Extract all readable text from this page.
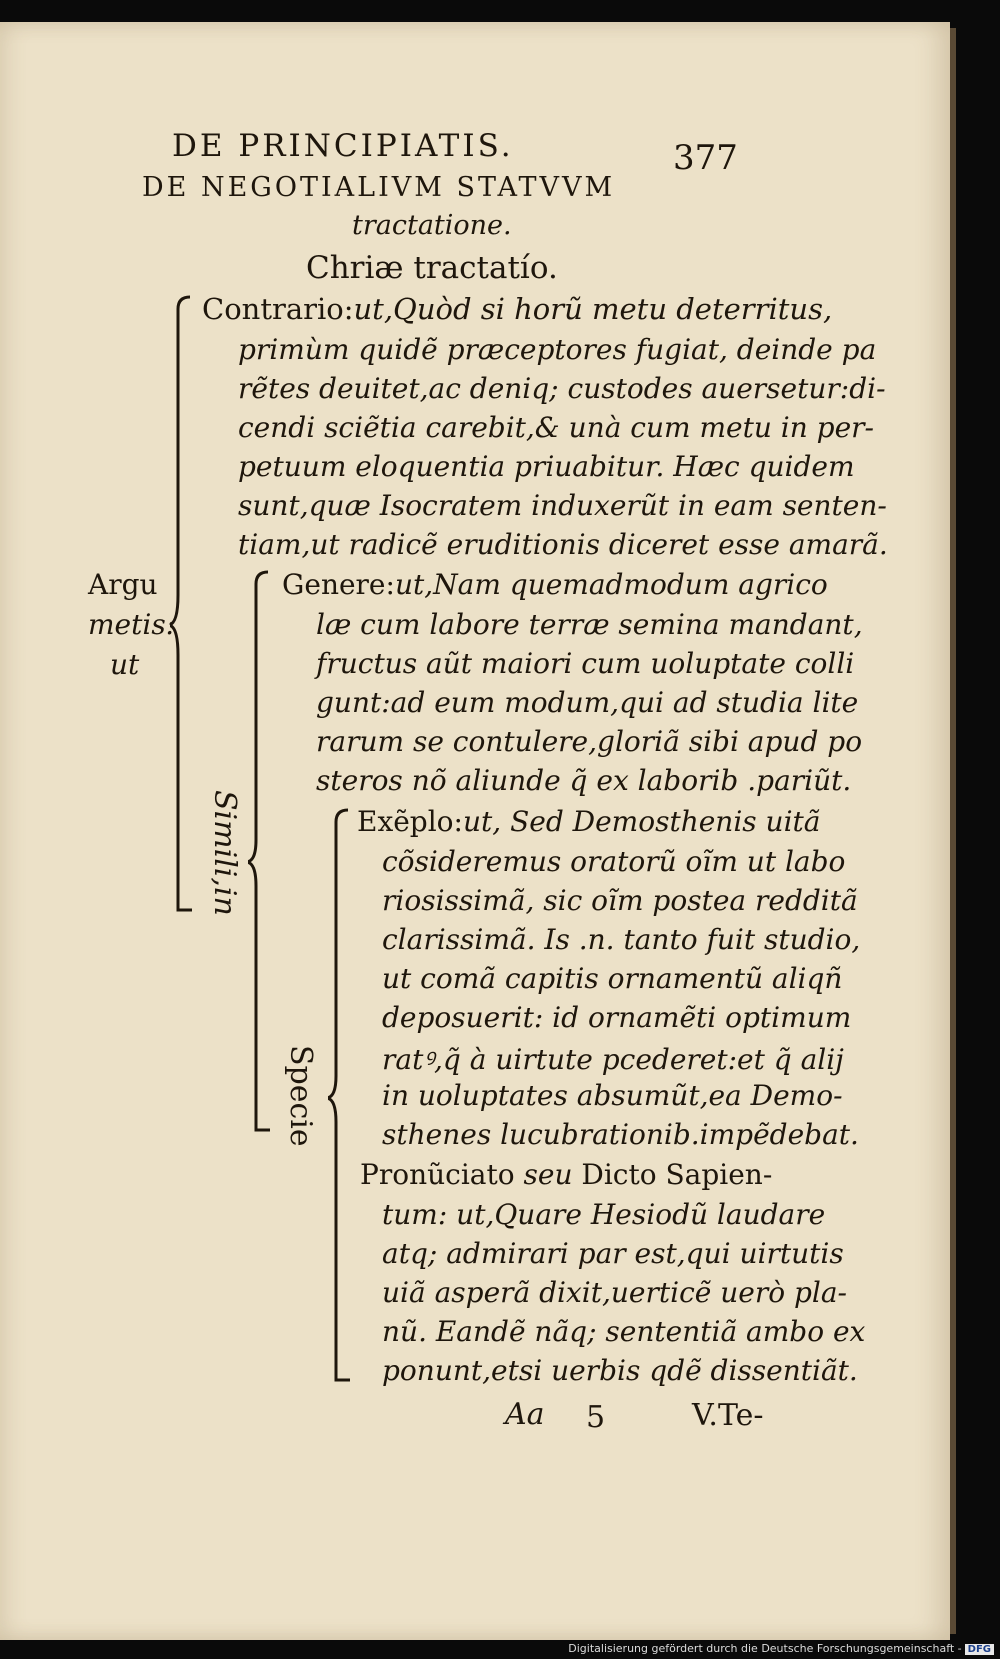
DE PRINCIPIATIS.	377
DE NEGOTIALIVM STATVVM
tractatione.
Chriæ tractatío.
Contrario:ut,Quòd si horũ metu deterritus,
primùm quidẽ præceptores fugiat, deinde pa
rẽtes deuitet,ac deniq; custodes auersetur:di-
cendi sciẽtia carebit,& unà cum metu in per-
petuum eloquentia priuabitur. Hæc quidem
sunt,quæ Isocratem induxerũt in eam senten-
tiam,ut radicẽ eruditionis diceret esse amarã.
Genere:ut,Nam quemadmodum agrico
læ cum labore terræ semina mandant,
fructus aũt maiori cum uoluptate colli
gunt:ad eum modum,qui ad studia lite
rarum se contulere,gloriã sibi apud po
steros nõ aliunde q̃ ex laborib .pariũt.
Exẽplo:ut, Sed Demosthenis uitã
cõsideremus oratorũ oĩm ut labo
riosissimã, sic oĩm postea redditã
clarissimã. Is .n. tanto fuit studio,
ut comã capitis ornamentũ aliqñ
deposuerit: id ornamẽti optimum
ratꝰ,q̃ à uirtute pcederet:et q̃ alij
in uoluptates absumũt,ea Demo-
sthenes lucubrationib.impẽdebat.
Pronũciato seu Dicto Sapien-
tum: ut,Quare Hesiodũ laudare
atq; admirari par est,qui uirtutis
uiã asperã dixit,uerticẽ uerò pla-
nũ. Eandẽ nãq; sententiã ambo ex
ponunt,etsi uerbis qdẽ dissentiãt.
Aa 5	V.Te-
Argu
metis:
ut
Simili,in
Specie
Digitalisierung gefördert durch die Deutsche Forschungsgemeinschaft - DFG
